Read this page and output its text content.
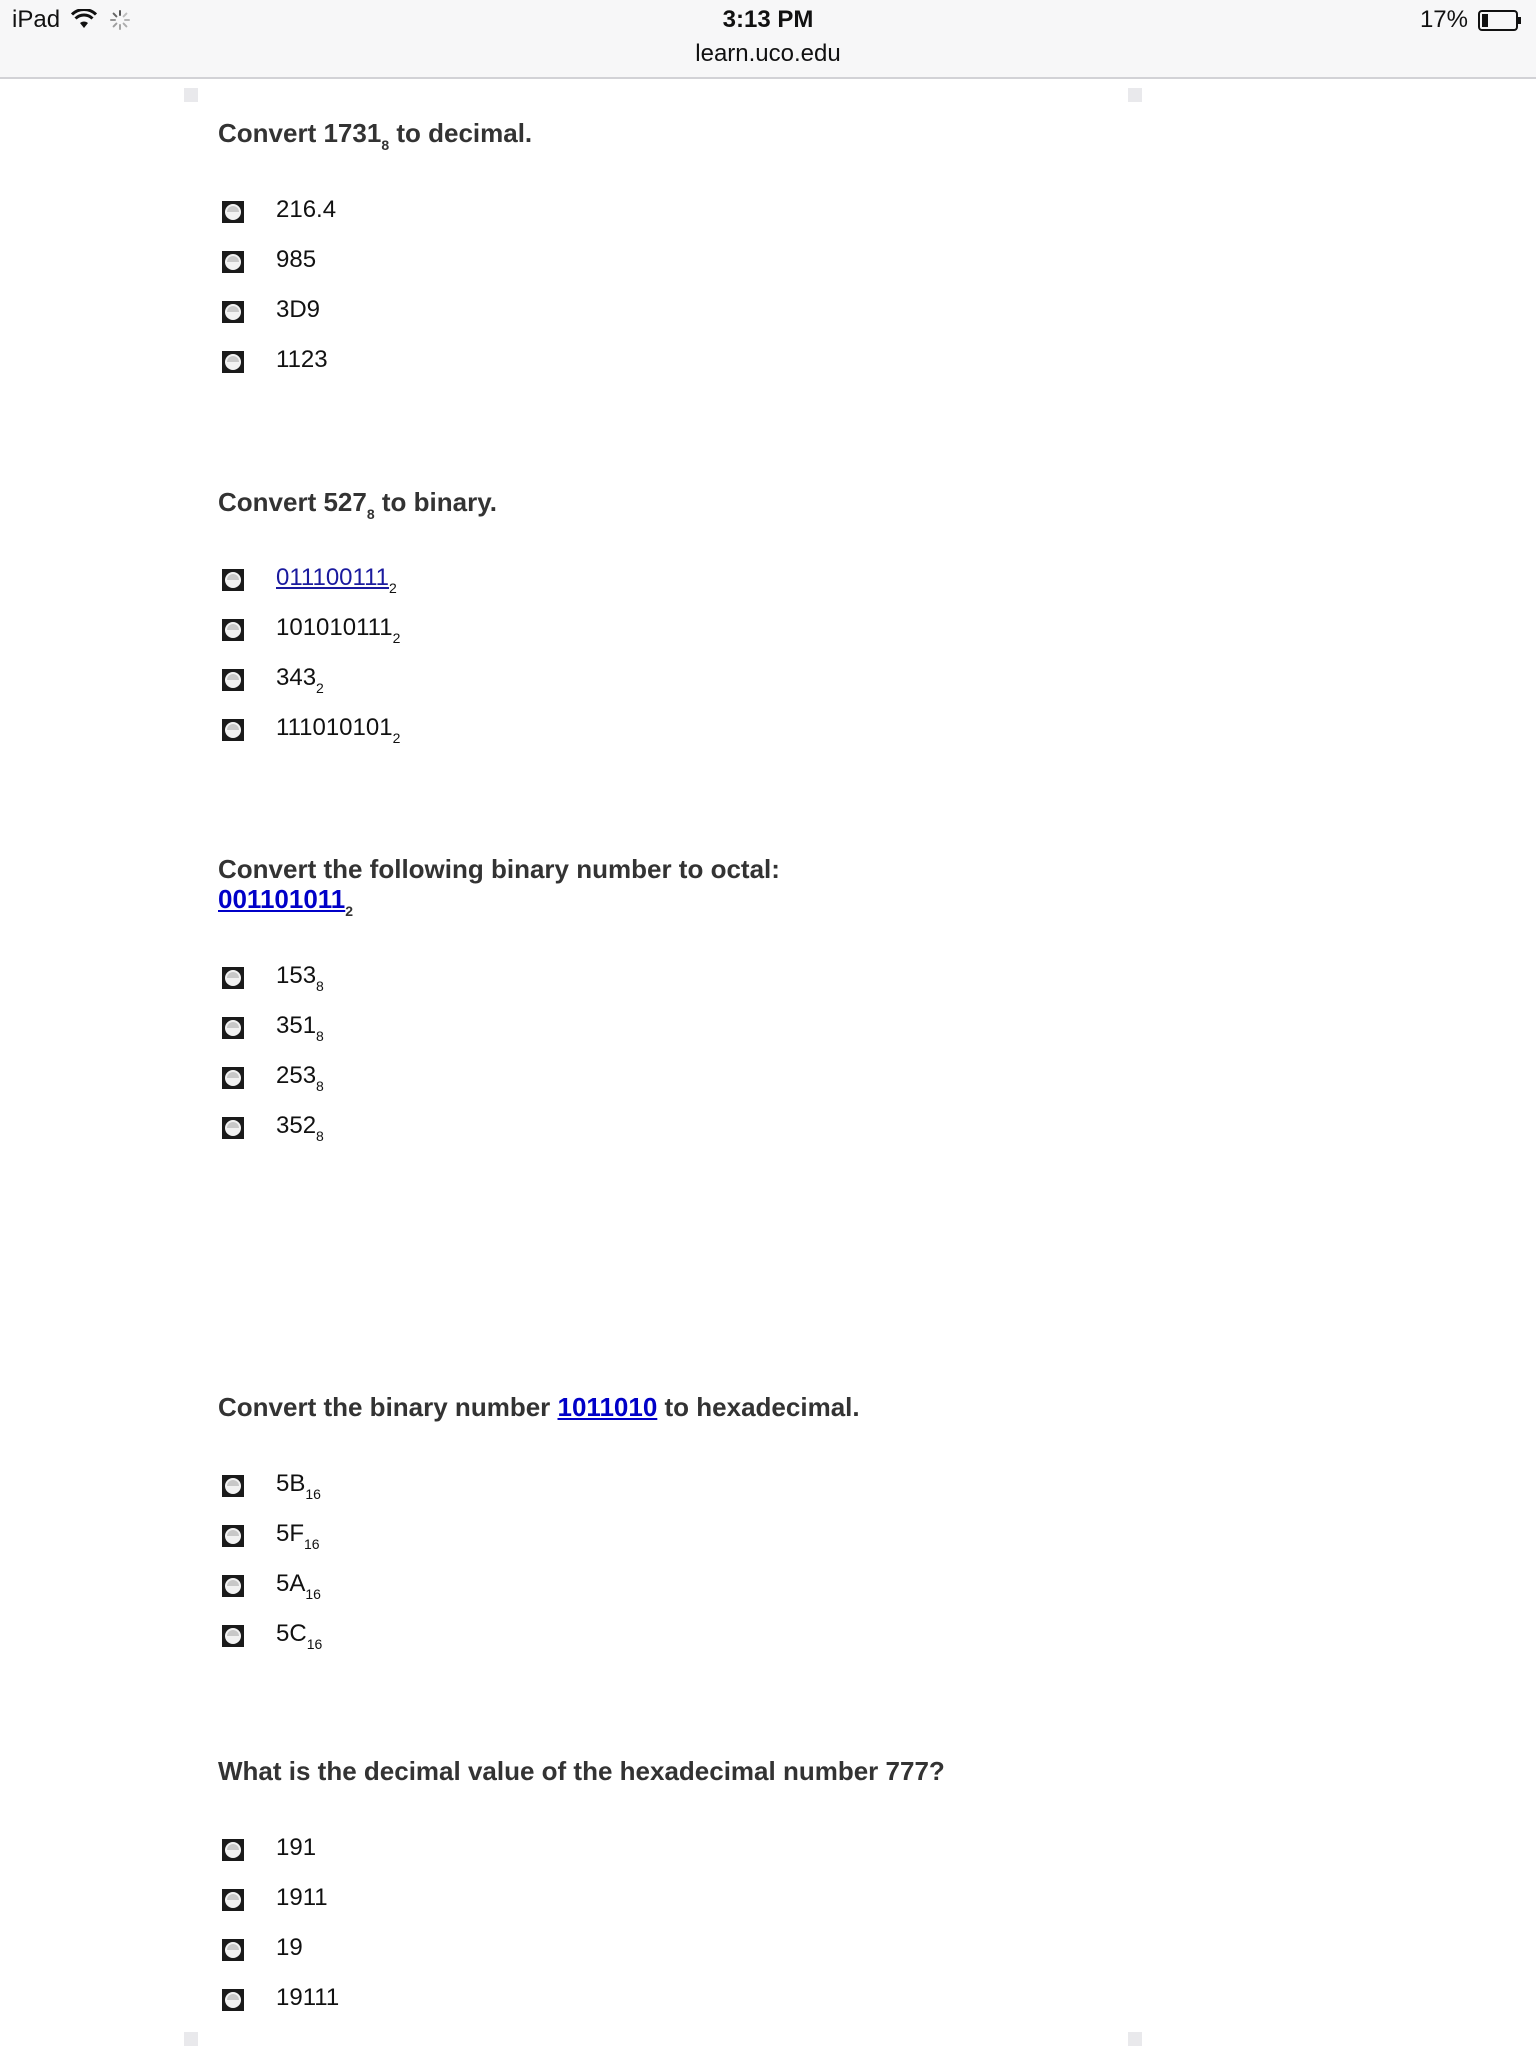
iPad	3:13 PM
learn.uco.edu
17%
Convert $1731_8$ to decimal.
216.4
985
3D9
1123
Convert $527_8$ to binary.
$011100111_2$
$101010111_2$
$343_2$
$111010101_2$
Convert the following binary number to octal:
$001101011_2$
$153_8$
$351_8$
$253_8$
$352_8$
Convert the binary number 1011010 to hexadecimal.
$5B_{16}$
$5F_{16}$
$5A_{16}$
$5C_{16}$
What is the decimal value of the hexadecimal number 777?
191
1911
19
19111
